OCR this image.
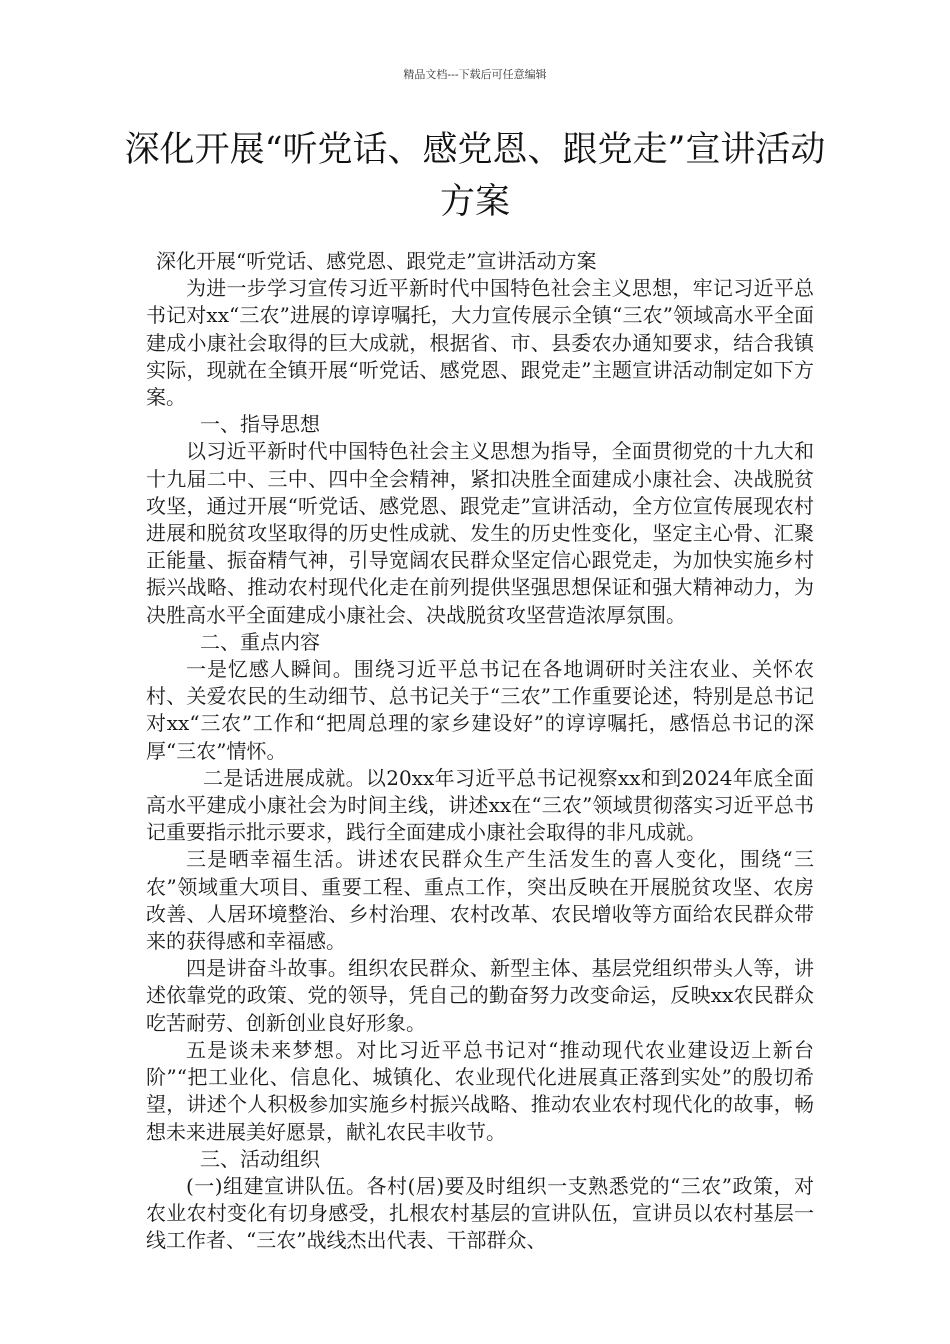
精品文档---下载后可任意编辑
深化开展“听党话、感党恩、跟党走”宣讲活动方案

深化开展“听党话、感党恩、跟党走”宣讲活动方案

为进一步学习宣传习近平新时代中国特色社会主义思想，牢记习近平总书记对xx“三农”进展的谆谆嘱托，大力宣传展示全镇“三农”领域高水平全面建成小康社会取得的巨大成就，根据省、市、县委农办通知要求，结合我镇实际，现就在全镇开展“听党话、感党恩、跟党走”主题宣讲活动制定如下方案。

一、指导思想

以习近平新时代中国特色社会主义思想为指导，全面贯彻党的十九大和十九届二中、三中、四中全会精神，紧扣决胜全面建成小康社会、决战脱贫攻坚，通过开展“听党话、感党恩、跟党走”宣讲活动，全方位宣传展现农村进展和脱贫攻坚取得的历史性成就、发生的历史性变化，坚定主心骨、汇聚正能量、振奋精气神，引导宽阔农民群众坚定信心跟党走，为加快实施乡村振兴战略、推动农村现代化走在前列提供坚强思想保证和强大精神动力，为决胜高水平全面建成小康社会、决战脱贫攻坚营造浓厚氛围。

二、重点内容

一是忆感人瞬间。围绕习近平总书记在各地调研时关注农业、关怀农村、关爱农民的生动细节、总书记关于“三农”工作重要论述，特别是总书记对xx“三农”工作和“把周总理的家乡建设好”的谆谆嘱托，感悟总书记的深厚“三农”情怀。

二是话进展成就。以20xx年习近平总书记视察xx和到2024年底全面高水平建成小康社会为时间主线，讲述xx在“三农”领域贯彻落实习近平总书记重要指示批示要求，践行全面建成小康社会取得的非凡成就。

三是晒幸福生活。讲述农民群众生产生活发生的喜人变化，围绕“三农”领域重大项目、重要工程、重点工作，突出反映在开展脱贫攻坚、农房改善、人居环境整治、乡村治理、农村改革、农民增收等方面给农民群众带来的获得感和幸福感。

四是讲奋斗故事。组织农民群众、新型主体、基层党组织带头人等，讲述依靠党的政策、党的领导，凭自己的勤奋努力改变命运，反映xx农民群众吃苦耐劳、创新创业良好形象。

五是谈未来梦想。对比习近平总书记对“推动现代农业建设迈上新台阶”“把工业化、信息化、城镇化、农业现代化进展真正落到实处”的殷切希望，讲述个人积极参加实施乡村振兴战略、推动农业农村现代化的故事，畅想未来进展美好愿景，献礼农民丰收节。

三、活动组织

(一)组建宣讲队伍。各村(居)要及时组织一支熟悉党的“三农”政策，对农业农村变化有切身感受，扎根农村基层的宣讲队伍，宣讲员以农村基层一线工作者、“三农”战线杰出代表、干部群众、
